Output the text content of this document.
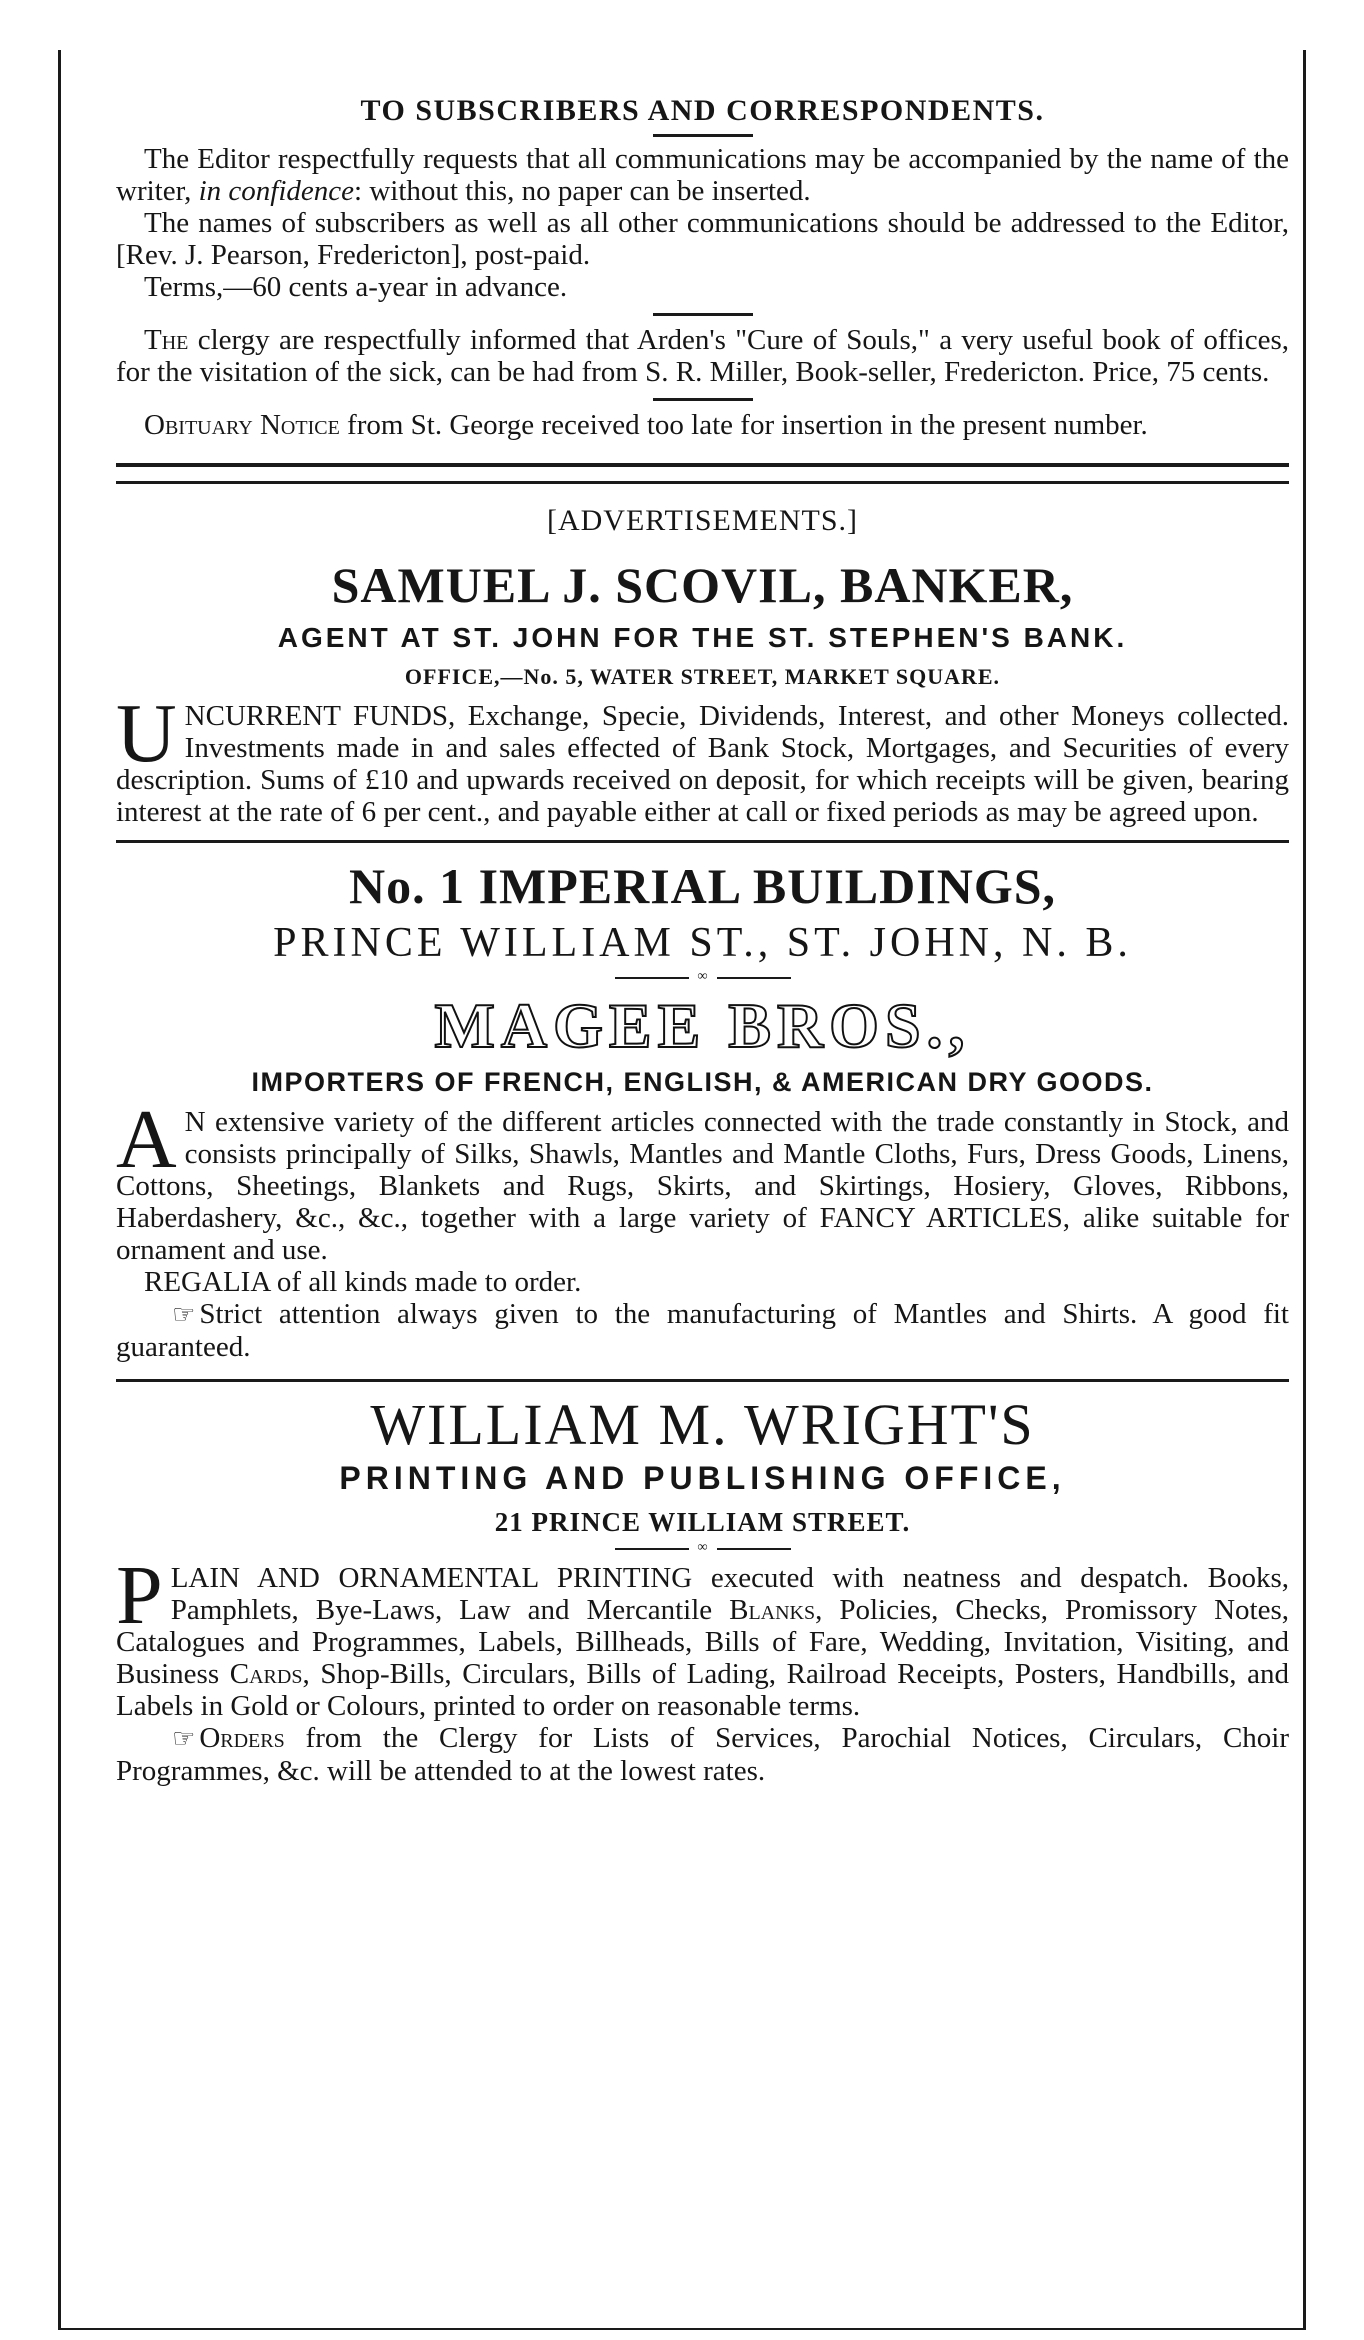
TO SUBSCRIBERS AND CORRESPONDENTS.

The Editor respectfully requests that all communications may be accompanied by the name of the writer, in confidence: without this, no paper can be inserted.

The names of subscribers as well as all other communications should be addressed to the Editor, [Rev. J. Pearson, Fredericton], post-paid.

Terms,—60 cents a-year in advance.

The clergy are respectfully informed that Arden's "Cure of Souls," a very useful book of offices, for the visitation of the sick, can be had from S. R. Miller, Book-seller, Fredericton. Price, 75 cents.

Obituary Notice from St. George received too late for insertion in the present number.

[ADVERTISEMENTS.]
SAMUEL J. SCOVIL, BANKER,
AGENT AT ST. JOHN FOR THE ST. STEPHEN'S BANK.
OFFICE,—No. 5, WATER STREET, MARKET SQUARE.
U NCURRENT FUNDS, Exchange, Specie, Dividends, Interest, and other Moneys collected. Investments made in and sales effected of Bank Stock, Mortgages, and Securities of every description. Sums of £10 and upwards received on deposit, for which receipts will be given, bearing interest at the rate of 6 per cent., and payable either at call or fixed periods as may be agreed upon.

No. 1 IMPERIAL BUILDINGS,
PRINCE WILLIAM ST., ST. JOHN, N. B.
∞
MAGEE BROS.,
IMPORTERS OF FRENCH, ENGLISH, & AMERICAN DRY GOODS.
A N extensive variety of the different articles connected with the trade constantly in Stock, and consists principally of Silks, Shawls, Mantles and Mantle Cloths, Furs, Dress Goods, Linens, Cottons, Sheetings, Blankets and Rugs, Skirts, and Skirtings, Hosiery, Gloves, Ribbons, Haberdashery, &c., &c., together with a large variety of FANCY ARTICLES, alike suitable for ornament and use.

REGALIA of all kinds made to order.

☞ Strict attention always given to the manufacturing of Mantles and Shirts. A good fit guaranteed.

WILLIAM M. WRIGHT'S
PRINTING AND PUBLISHING OFFICE,
21 PRINCE WILLIAM STREET.
∞
P LAIN AND ORNAMENTAL PRINTING executed with neatness and despatch. Books, Pamphlets, Bye-Laws, Law and Mercantile Blanks, Policies, Checks, Promissory Notes, Catalogues and Programmes, Labels, Billheads, Bills of Fare, Wedding, Invitation, Visiting, and Business Cards, Shop-Bills, Circulars, Bills of Lading, Railroad Receipts, Posters, Handbills, and Labels in Gold or Colours, printed to order on reasonable terms.

☞ Orders from the Clergy for Lists of Services, Parochial Notices, Circulars, Choir Programmes, &c. will be attended to at the lowest rates.
